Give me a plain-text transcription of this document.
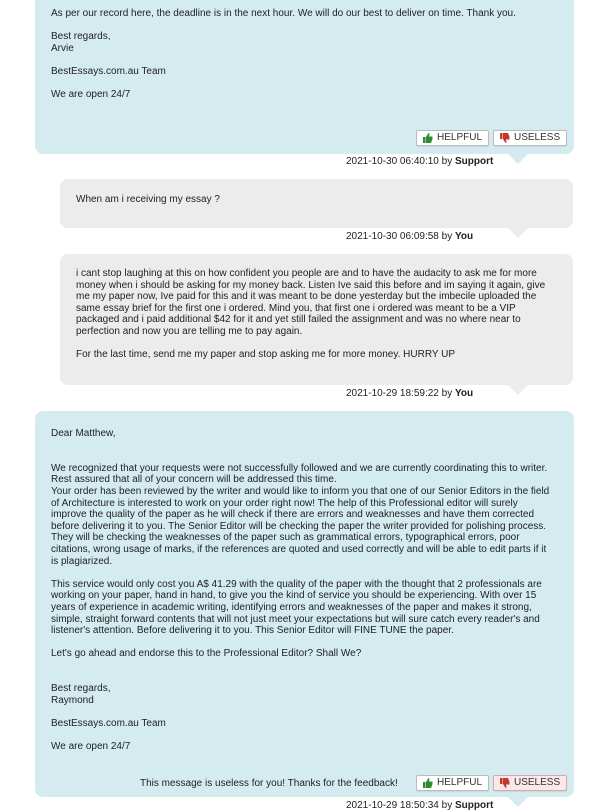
As per our record here, the deadline is in the next hour. We will do our best to deliver on time. Thank you.

Best regards,
Arvie

BestEssays.com.au Team

We are open 24/7

HELPFUL	USELESS
2021-10-30 06:40:10 by Support

When am i receiving my essay ?

2021-10-30 06:09:58 by You

i cant stop laughing at this on how confident you people are and to have the audacity to ask me for more
money when i should be asking for my money back. Listen Ive said this before and im saying it again, give
me my paper now, Ive paid for this and it was meant to be done yesterday but the imbecile uploaded the
same essay brief for the first one i ordered. Mind you, that first one i ordered was meant to be a VIP
packaged and i paid additional $42 for it and yet still failed the assignment and was no where near to
perfection and now you are telling me to pay again.

For the last time, send me my paper and stop asking me for more money. HURRY UP

2021-10-29 18:59:22 by You

Dear Matthew,

We recognized that your requests were not successfully followed and we are currently coordinating this to writer.
Rest assured that all of your concern will be addressed this time.
Your order has been reviewed by the writer and would like to inform you that one of our Senior Editors in the field
of Architecture is interested to work on your order right now! The help of this Professional editor will surely
improve the quality of the paper as he will check if there are errors and weaknesses and have them corrected
before delivering it to you. The Senior Editor will be checking the paper the writer provided for polishing process.
They will be checking the weaknesses of the paper such as grammatical errors, typographical errors, poor
citations, wrong usage of marks, if the references are quoted and used correctly and will be able to edit parts if it
is plagiarized.

This service would only cost you A$ 41.29 with the quality of the paper with the thought that 2 professionals are
working on your paper, hand in hand, to give you the kind of service you should be experiencing. With over 15
years of experience in academic writing, identifying errors and weaknesses of the paper and makes it strong,
simple, straight forward contents that will not just meet your expectations but will sure catch every reader's and
listener's attention. Before delivering it to you. This Senior Editor will FINE TUNE the paper.

Let's go ahead and endorse this to the Professional Editor? Shall We?

Best regards,
Raymond

BestEssays.com.au Team

We are open 24/7

This message is useless for you! Thanks for the feedback!	HELPFUL	USELESS
2021-10-29 18:50:34 by Support
